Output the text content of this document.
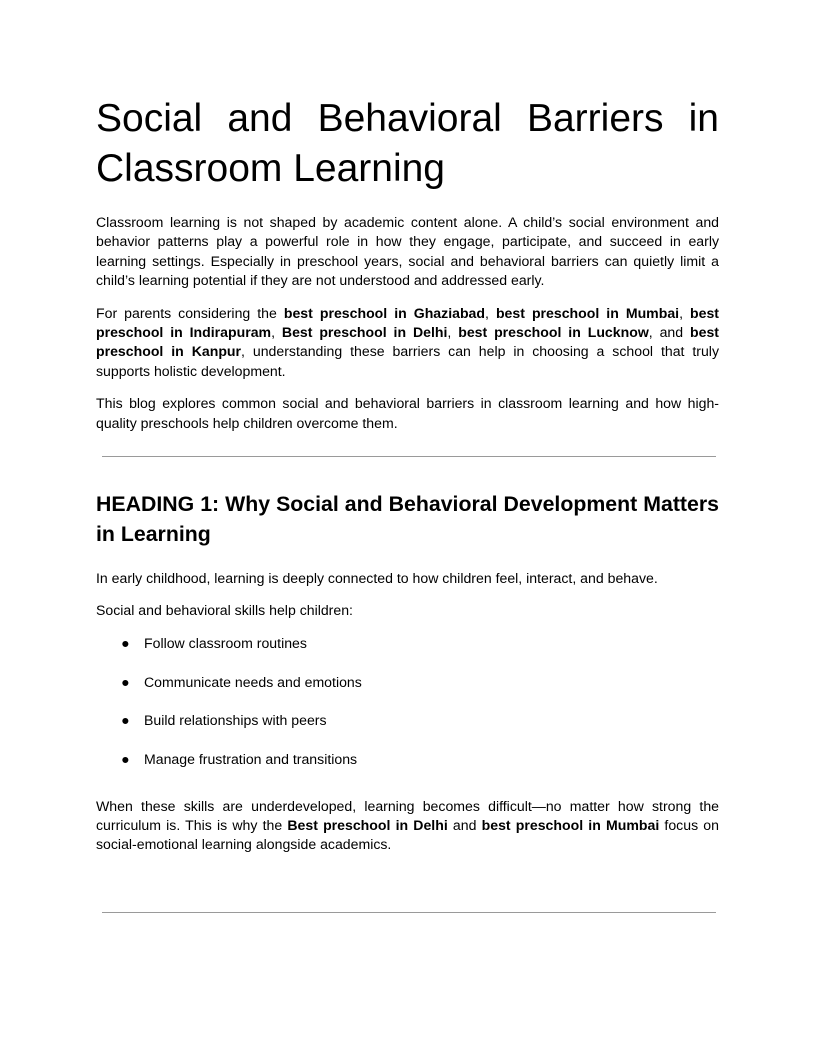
Social and Behavioral Barriers in Classroom Learning

Classroom learning is not shaped by academic content alone. A child’s social environment and behavior patterns play a powerful role in how they engage, participate, and succeed in early learning settings. Especially in preschool years, social and behavioral barriers can quietly limit a child’s learning potential if they are not understood and addressed early.

For parents considering the best preschool in Ghaziabad, best preschool in Mumbai, best preschool in Indirapuram, Best preschool in Delhi, best preschool in Lucknow, and best preschool in Kanpur, understanding these barriers can help in choosing a school that truly supports holistic development.

This blog explores common social and behavioral barriers in classroom learning and how high-quality preschools help children overcome them.

HEADING 1: Why Social and Behavioral Development Matters in Learning

In early childhood, learning is deeply connected to how children feel, interact, and behave.

Social and behavioral skills help children:

● Follow classroom routines
● Communicate needs and emotions
● Build relationships with peers
● Manage frustration and transitions

When these skills are underdeveloped, learning becomes difficult—no matter how strong the curriculum is. This is why the Best preschool in Delhi and best preschool in Mumbai focus on social-emotional learning alongside academics.
